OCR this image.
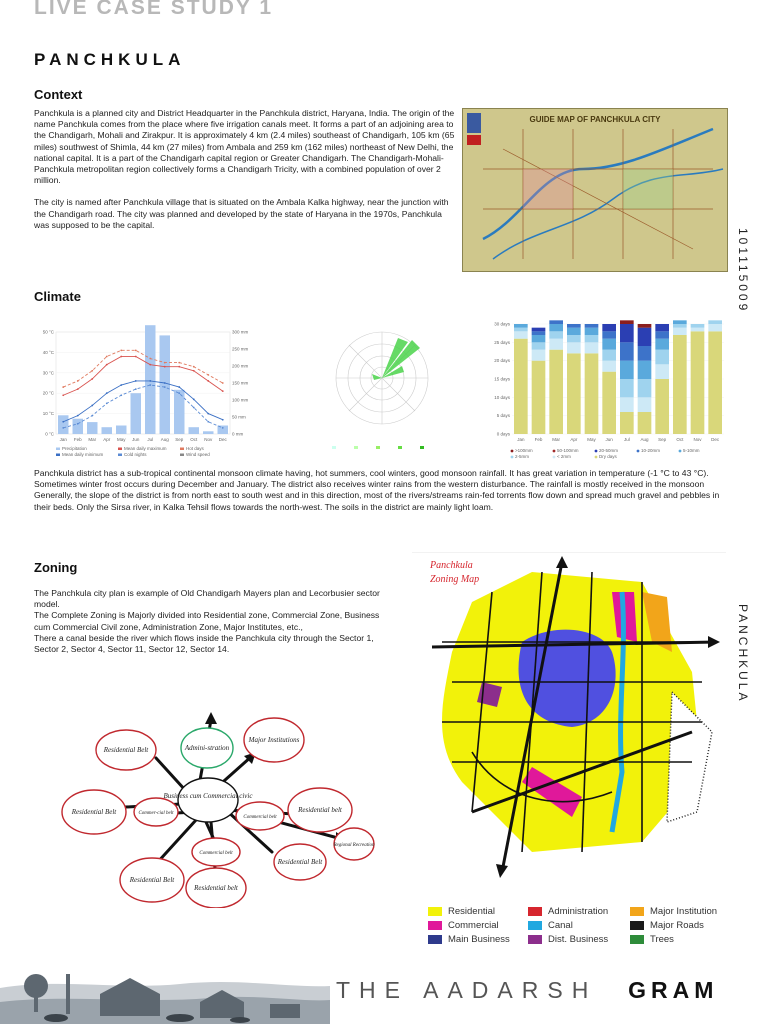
LIVE CASE STUDY 1
PANCHKULA
101115009
PANCHKULA
Context

Panchkula is a planned city and District Headquarter in the Panchkula district, Haryana, India. The origin of the name Panchkula comes from the place where five irrigation canals meet. It forms a part of an adjoining area to the Chandigarh, Mohali and Zirakpur. It is approximately 4 km (2.4 miles) southeast of Chandigarh, 105 km (65 miles) southwest of Shimla, 44 km (27 miles) from Ambala and 259 km (162 miles) northeast of New Delhi, the national capital. It is a part of the Chandigarh capital region or Greater Chandigarh. The Chandigarh-Mohali-Panchkula metropolitan region collectively forms a Chandigarh Tricity, with a combined population of over 2 million.

The city is named after Panchkula village that is situated on the Ambala Kalka highway, near the junction with the Chandigarh road. The city was planned and developed by the state of Haryana in the 1970s, Panchkula was supposed to be the capital.

GUIDE MAP OF PANCHKULA CITY
Climate
0 °C
10 °C
20 °C
30 °C
40 °C
50 °C
0 mm
50 mm
100 mm
150 mm
200 mm
250 mm
300 mm
Jan Feb Mar Apr May Jun Jul Aug Sep Oct Nov Dec
Precipitation	Mean daily maximum	Hot days
Mean daily minimum	Cold nights	Wind speed
0 days
5 days
10 days
15 days
20 days
25 days
30 days
Jan Feb Mar Apr May Jun Jul Aug Sep Oct Nov Dec
>100mm	50-100mm	20-50mm	10-20mm	5-10mm
2-5mm	< 2mm	Dry days

Panchkula district has a sub-tropical continental monsoon climate having, hot summers, cool winters, good monsoon rainfall. It has great variation in temperature (-1 °C to 43 °C). Sometimes winter frost occurs during December and January. The district also receives winter rains from the western disturbance. The rainfall is mostly received in the monsoon

Generally, the slope of the district is from north east to south west and in this direction, most of the rivers/streams rain-fed torrents flow down and spread much gravel and pebbles in their beds. Only the Sirsa river, in Kalka Tehsil flows towards the north-west. The soils in the district are mainly light loam.

Zoning

The Panchkula city plan is example of Old Chandigarh Mayers plan and Lecorbusier sector model.

The Complete Zoning is Majorly divided into Residential zone, Commercial Zone, Business cum Commercial Civil zone, Administration Zone, Major Institutes, etc.,

There a canal beside the river which flows inside the Panchkula city through the Sector 1, Sector 2, Sector 4, Sector 11, Sector 12, Sector 14.

Business cum Commercial civic
Residential Belt	Admini-stration
Major Institutions
Residential Belt	Commer-cial belt
Commercial belt
Residential belt
Regional Recreation
Commercial belt
Residential Belt
Residential Belt
Residential belt
Panchkula
Zoning Map
Residential	Administration	Major Institution
Commercial	Canal	Major Roads
Main Business	Dist. Business	Trees
THE AADARSH GRAM
